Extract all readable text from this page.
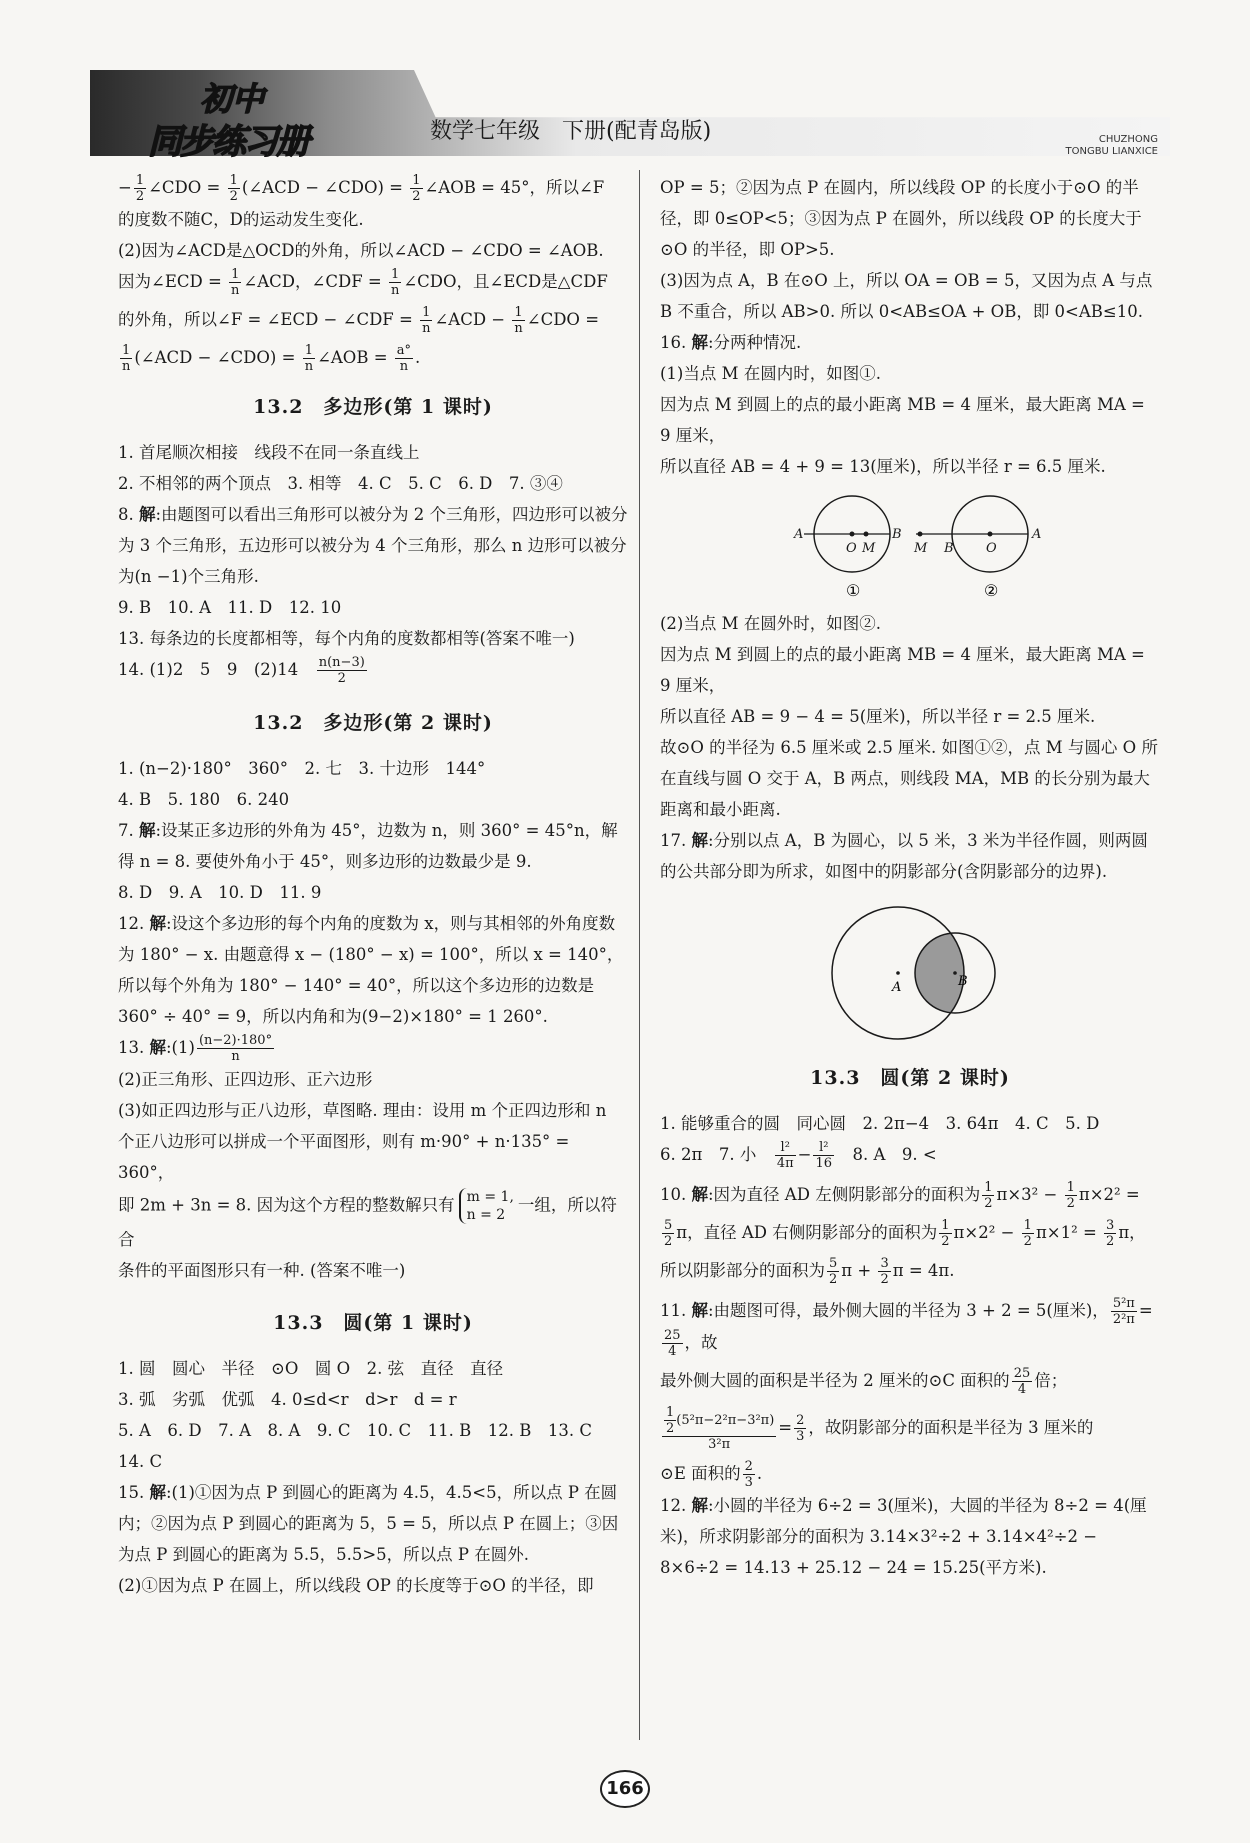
初中
同步练习册	数学七年级　下册(配青岛版)	CHUZHONG
TONGBU LIANXICE

− $\frac{1}{2}$ ∠CDO = $\frac{1}{2}$ (∠ACD − ∠CDO) = $\frac{1}{2}$ ∠AOB = 45°，所以∠F

的度数不随C，D的运动发生变化.

(2)因为∠ACD是△OCD的外角，所以∠ACD − ∠CDO = ∠AOB.

因为∠ECD = $\frac{1}{n}$ ∠ACD，∠CDF = $\frac{1}{n}$ ∠CDO，且∠ECD是△CDF

的外角，所以∠F = ∠ECD − ∠CDF = $\frac{1}{n}$ ∠ACD − $\frac{1}{n}$ ∠CDO =

$\frac{1}{n}$ (∠ACD − ∠CDO) = $\frac{1}{n}$ ∠AOB = $\frac{a^\circ}{n}$ .

13.2　多边形(第 1 课时)

1. 首尾顺次相接　线段不在同一条直线上

2. 不相邻的两个顶点　3. 相等　4. C　5. C　6. D　7. ③④

8. 解:由题图可以看出三角形可以被分为 2 个三角形，四边形可以被分为 3 个三角形，五边形可以被分为 4 个三角形，那么 n 边形可以被分为(n −1)个三角形.

9. B　10. A　11. D　12. 10

13. 每条边的长度都相等，每个内角的度数都相等(答案不唯一)

14. (1)2　5　9　(2)14　 $\frac{n(n-3)}{2}$

13.2　多边形(第 2 课时)

1. (n−2)·180°　360°　2. 七　3. 十边形　144°

4. B　5. 180　6. 240

7. 解:设某正多边形的外角为 45°，边数为 n，则 360° = 45°n，解得 n = 8. 要使外角小于 45°，则多边形的边数最少是 9.

8. D　9. A　10. D　11. 9

12. 解:设这个多边形的每个内角的度数为 x，则与其相邻的外角度数为 180° − x. 由题意得 x − (180° − x) = 100°，所以 x = 140°，所以每个外角为 180° − 140° = 40°，所以这个多边形的边数是 360° ÷ 40° = 9，所以内角和为(9−2)×180° = 1 260°.

13. 解:(1) $\frac{(n-2)\cdot 180^\circ}{n}$

(2)正三角形、正四边形、正六边形

(3)如正四边形与正八边形，草图略. 理由：设用 m 个正四边形和 n 个正八边形可以拼成一个平面图形，则有 m·90° + n·135° = 360°，

即 2m + 3n = 8. 因为这个方程的整数解只有 m = 1,
n = 2一组，所以符合

条件的平面图形只有一种. (答案不唯一)

13.3　圆(第 1 课时)

1. 圆　圆心　半径　⊙O　圆 O　2. 弦　直径　直径

3. 弧　劣弧　优弧　4. 0≤d<r　d>r　d = r

5. A　6. D　7. A　8. A　9. C　10. C　11. B　12. B　13. C　14. C

15. 解:(1)①因为点 P 到圆心的距离为 4.5，4.5<5，所以点 P 在圆内；②因为点 P 到圆心的距离为 5，5 = 5，所以点 P 在圆上；③因为点 P 到圆心的距离为 5.5，5.5>5，所以点 P 在圆外.

(2)①因为点 P 在圆上，所以线段 OP 的长度等于⊙O 的半径，即

OP = 5；②因为点 P 在圆内，所以线段 OP 的长度小于⊙O 的半径，即 0≤OP<5；③因为点 P 在圆外，所以线段 OP 的长度大于⊙O 的半径，即 OP>5.

(3)因为点 A，B 在⊙O 上，所以 OA = OB = 5，又因为点 A 与点 B 不重合，所以 AB>0. 所以 0<AB≤OA + OB，即 0<AB≤10.

16. 解:分两种情况.

(1)当点 M 在圆内时，如图①.

因为点 M 到圆上的点的最小距离 MB = 4 厘米，最大距离 MA = 9 厘米，

所以直径 AB = 4 + 9 = 13(厘米)，所以半径 r = 6.5 厘米.

A	B
O M	M B O
A
①	②

(2)当点 M 在圆外时，如图②.

因为点 M 到圆上的点的最小距离 MB = 4 厘米，最大距离 MA = 9 厘米，

所以直径 AB = 9 − 4 = 5(厘米)，所以半径 r = 2.5 厘米.

故⊙O 的半径为 6.5 厘米或 2.5 厘米. 如图①②，点 M 与圆心 O 所在直线与圆 O 交于 A，B 两点，则线段 MA，MB 的长分别为最大距离和最小距离.

17. 解:分别以点 A，B 为圆心，以 5 米，3 米为半径作圆，则两圆的公共部分即为所求，如图中的阴影部分(含阴影部分的边界).

A	B
13.3　圆(第 2 课时)

1. 能够重合的圆　同心圆　2. 2π−4　3. 64π　4. C　5. D

6. 2π　7. 小　 $\frac{\text{l²}}{4\pi} - \frac{\text{l²}}{16}$ 　8. A　9. <

10. 解:因为直径 AD 左侧阴影部分的面积为 $\frac{1}{2} \pi\times 3^2 - \frac{1}{2} \pi\times 2^2$ =

$\frac{5}{2}$ π，直径 AD 右侧阴影部分的面积为 $\frac{1}{2} \pi\times 2^2 - \frac{1}{2} \pi\times 1^2 = \frac{3}{2}$ π，

所以阴影部分的面积为 $\frac{5}{2}$ $\pi + \frac{3}{2}$ π = 4π.

11. 解:由题图可得，最外侧大圆的半径为 3 + 2 = 5(厘米)， $\frac{\text{5²π}}{\text{2²π}}$ =
$\frac{25}{4}$ ，故

最外侧大圆的面积是半径为 2 厘米的⊙C 面积的 $\frac{25}{4}$ 倍；

$\frac{\frac{1}{2} (5^2\pi-2^2\pi-3^2\pi)}{\text{3²π}} = \frac{2}{3}$ ，故阴影部分的面积是半径为 3 厘米的

⊙E 面积的 $\frac{2}{3}$ .

12. 解:小圆的半径为 6÷2 = 3(厘米)，大圆的半径为 8÷2 = 4(厘米)，所求阴影部分的面积为 3.14×3²÷2 + 3.14×4²÷2 − 8×6÷2 = 14.13 + 25.12 − 24 = 15.25(平方米).

166
